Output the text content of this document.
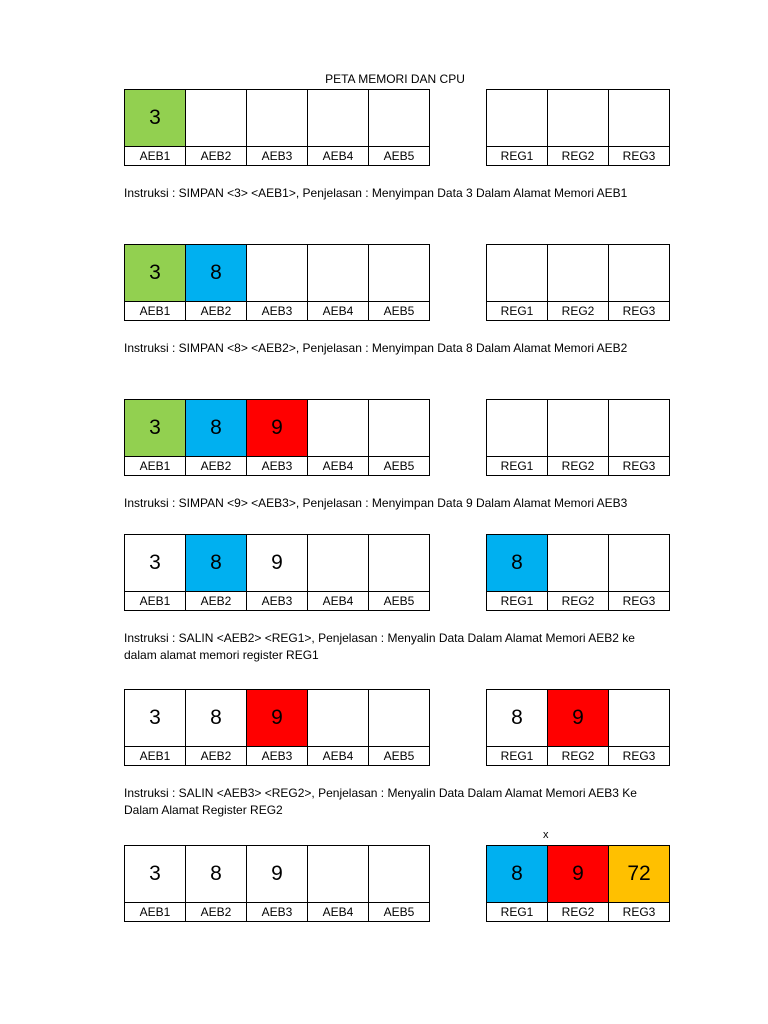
PETA MEMORI DAN CPU
x
3
AEB1	AEB2	AEB3	AEB4	AEB5	REG1	REG2	REG3
Instruksi : SIMPAN <3> <AEB1>, Penjelasan : Menyimpan Data 3 Dalam Alamat Memori AEB1
3	8
AEB1	AEB2	AEB3	AEB4	AEB5	REG1	REG2	REG3
Instruksi : SIMPAN <8> <AEB2>, Penjelasan : Menyimpan Data 8 Dalam Alamat Memori AEB2
3	8	9
AEB1	AEB2	AEB3	AEB4	AEB5	REG1	REG2	REG3
Instruksi : SIMPAN <9> <AEB3>, Penjelasan : Menyimpan Data 9 Dalam Alamat Memori AEB3
3	8	9
AEB1	AEB2	AEB3	AEB4	AEB5
8
REG1	REG2	REG3
Instruksi : SALIN <AEB2> <REG1>, Penjelasan : Menyalin Data Dalam Alamat Memori AEB2 ke dalam alamat memori register REG1
3	8	9
AEB1	AEB2	AEB3	AEB4	AEB5
8	9
REG1	REG2	REG3
Instruksi : SALIN <AEB3> <REG2>, Penjelasan : Menyalin Data Dalam Alamat Memori AEB3 Ke Dalam Alamat Register REG2
3	8	9
AEB1	AEB2	AEB3	AEB4	AEB5
8	9	72
REG1	REG2	REG3
